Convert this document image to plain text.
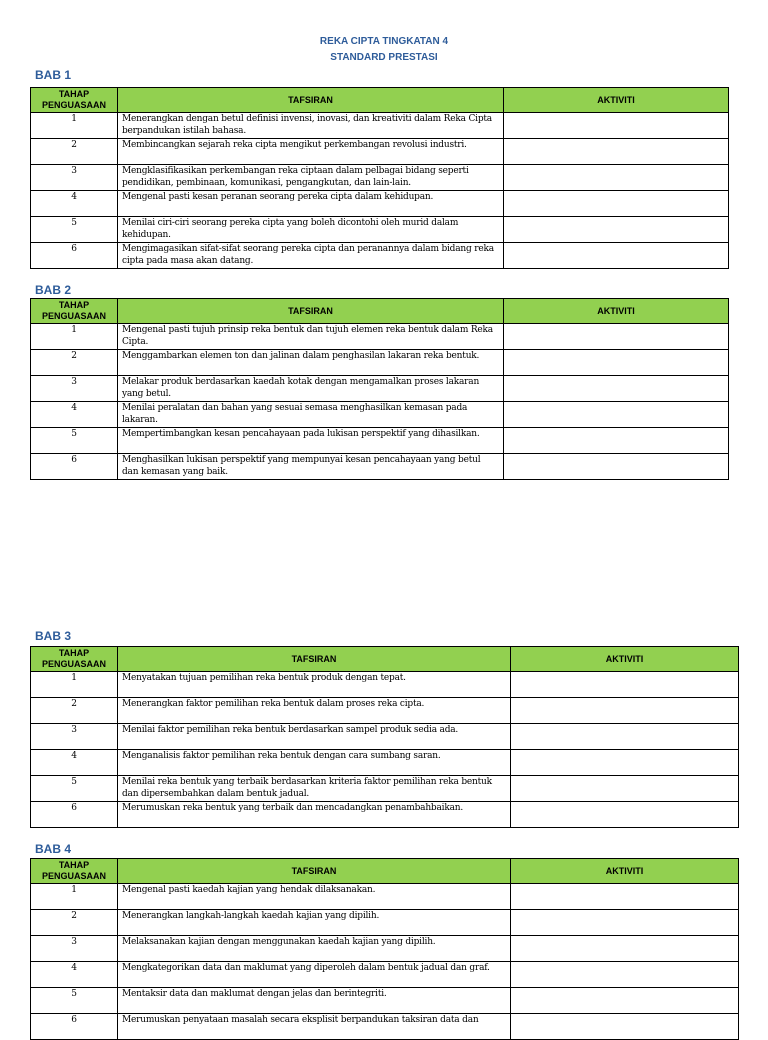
REKA CIPTA TINGKATAN 4
STANDARD PRESTASI
BAB 1
TAHAP PENGUASAAN	TAFSIRAN	AKTIVITI
1	Menerangkan dengan betul definisi invensi, inovasi, dan kreativiti dalam Reka Cipta berpandukan istilah bahasa.	
2	Membincangkan sejarah reka cipta mengikut perkembangan revolusi industri.	
3	Mengklasifikasikan perkembangan reka ciptaan dalam pelbagai bidang seperti pendidikan, pembinaan, komunikasi, pengangkutan, dan lain-lain.	
4	Mengenal pasti kesan peranan seorang pereka cipta dalam kehidupan.	
5	Menilai ciri-ciri seorang pereka cipta yang boleh dicontohi oleh murid dalam kehidupan.	
6	Mengimagasikan sifat-sifat seorang pereka cipta dan peranannya dalam bidang reka cipta pada masa akan datang.	
BAB 2
TAHAP PENGUASAAN	TAFSIRAN	AKTIVITI
1	Mengenal pasti tujuh prinsip reka bentuk dan tujuh elemen reka bentuk dalam Reka Cipta.	
2	Menggambarkan elemen ton dan jalinan dalam penghasilan lakaran reka bentuk.	
3	Melakar produk berdasarkan kaedah kotak dengan mengamalkan proses lakaran yang betul.	
4	Menilai peralatan dan bahan yang sesuai semasa menghasilkan kemasan pada lakaran.	
5	Mempertimbangkan kesan pencahayaan pada lukisan perspektif yang dihasilkan.	
6	Menghasilkan lukisan perspektif yang mempunyai kesan pencahayaan yang betul dan kemasan yang baik.	
BAB 3
TAHAP PENGUASAAN	TAFSIRAN	AKTIVITI
1	Menyatakan tujuan pemilihan reka bentuk produk dengan tepat.	
2	Menerangkan faktor pemilihan reka bentuk dalam proses reka cipta.	
3	Menilai faktor pemilihan reka bentuk berdasarkan sampel produk sedia ada.	
4	Menganalisis faktor pemilihan reka bentuk dengan cara sumbang saran.	
5	Menilai reka bentuk yang terbaik berdasarkan kriteria faktor pemilihan reka bentuk dan dipersembahkan dalam bentuk jadual.	
6	Merumuskan reka bentuk yang terbaik dan mencadangkan penambahbaikan.	
BAB 4
TAHAP PENGUASAAN	TAFSIRAN	AKTIVITI
1	Mengenal pasti kaedah kajian yang hendak dilaksanakan.	
2	Menerangkan langkah-langkah kaedah kajian yang dipilih.	
3	Melaksanakan kajian dengan menggunakan kaedah kajian yang dipilih.	
4	Mengkategorikan data dan maklumat yang diperoleh dalam bentuk jadual dan graf.	
5	Mentaksir data dan maklumat dengan jelas dan berintegriti.	
6	Merumuskan penyataan masalah secara eksplisit berpandukan taksiran data dan	
